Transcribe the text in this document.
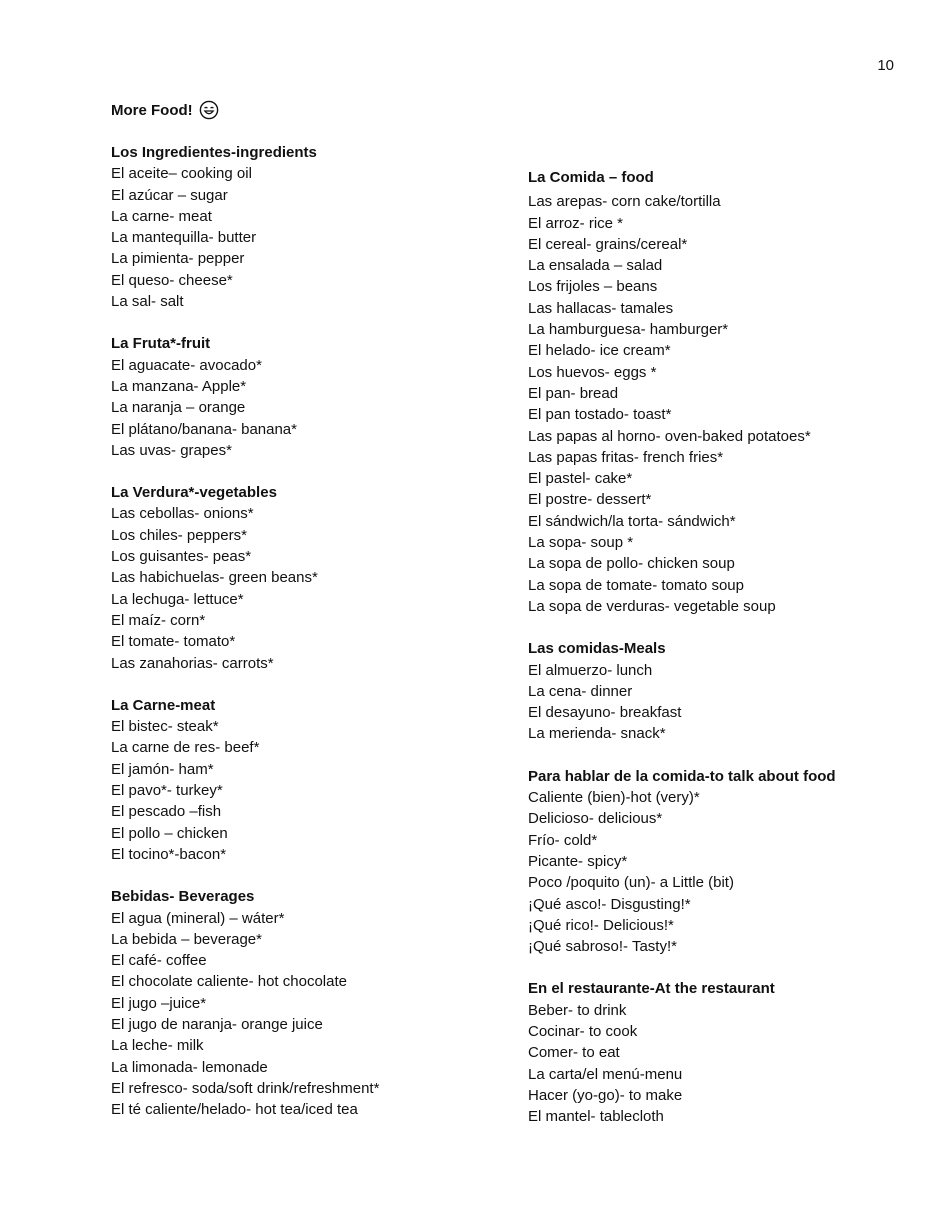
10
More Food!
Los Ingredientes-ingredients
El aceite– cooking oil
El azúcar – sugar
La carne- meat
La mantequilla- butter
La pimienta- pepper
El queso- cheese*
La sal- salt
La Fruta*-fruit
El aguacate- avocado*
La manzana- Apple*
La naranja – orange
El plátano/banana- banana*
Las uvas- grapes*
La Verdura*-vegetables
Las cebollas- onions*
Los chiles- peppers*
Los guisantes- peas*
Las habichuelas- green beans*
La lechuga- lettuce*
El maíz- corn*
El tomate- tomato*
Las zanahorias- carrots*
La Carne-meat
El bistec- steak*
La carne de res- beef*
El jamón- ham*
El pavo*- turkey*
El pescado –fish
El pollo – chicken
El tocino*-bacon*
Bebidas- Beverages
El agua (mineral) – wáter*
La bebida – beverage*
El café- coffee
El chocolate caliente- hot chocolate
El jugo –juice*
El jugo de naranja- orange juice
La leche- milk
La limonada- lemonade
El refresco- soda/soft drink/refreshment*
El té caliente/helado- hot tea/iced tea
La Comida – food
Las arepas- corn cake/tortilla
El arroz- rice *
El cereal- grains/cereal*
La ensalada – salad
Los frijoles – beans
Las hallacas- tamales
La hamburguesa- hamburger*
El helado- ice cream*
Los huevos- eggs *
El pan- bread
El pan tostado- toast*
Las papas al horno- oven-baked potatoes*
Las papas fritas- french fries*
El pastel- cake*
El postre- dessert*
El sándwich/la torta- sándwich*
La sopa- soup *
La sopa de pollo- chicken soup
La sopa de tomate- tomato soup
La sopa de verduras- vegetable soup
Las comidas-Meals
El almuerzo- lunch
La cena- dinner
El desayuno- breakfast
La merienda- snack*
Para hablar de la comida-to talk about food
Caliente (bien)-hot (very)*
Delicioso- delicious*
Frío- cold*
Picante- spicy*
Poco /poquito (un)- a Little (bit)
¡Qué asco!- Disgusting!*
¡Qué rico!- Delicious!*
¡Qué sabroso!- Tasty!*
En el restaurante-At the restaurant
Beber- to drink
Cocinar- to cook
Comer- to eat
La carta/el menú-menu
Hacer (yo-go)- to make
El mantel- tablecloth
